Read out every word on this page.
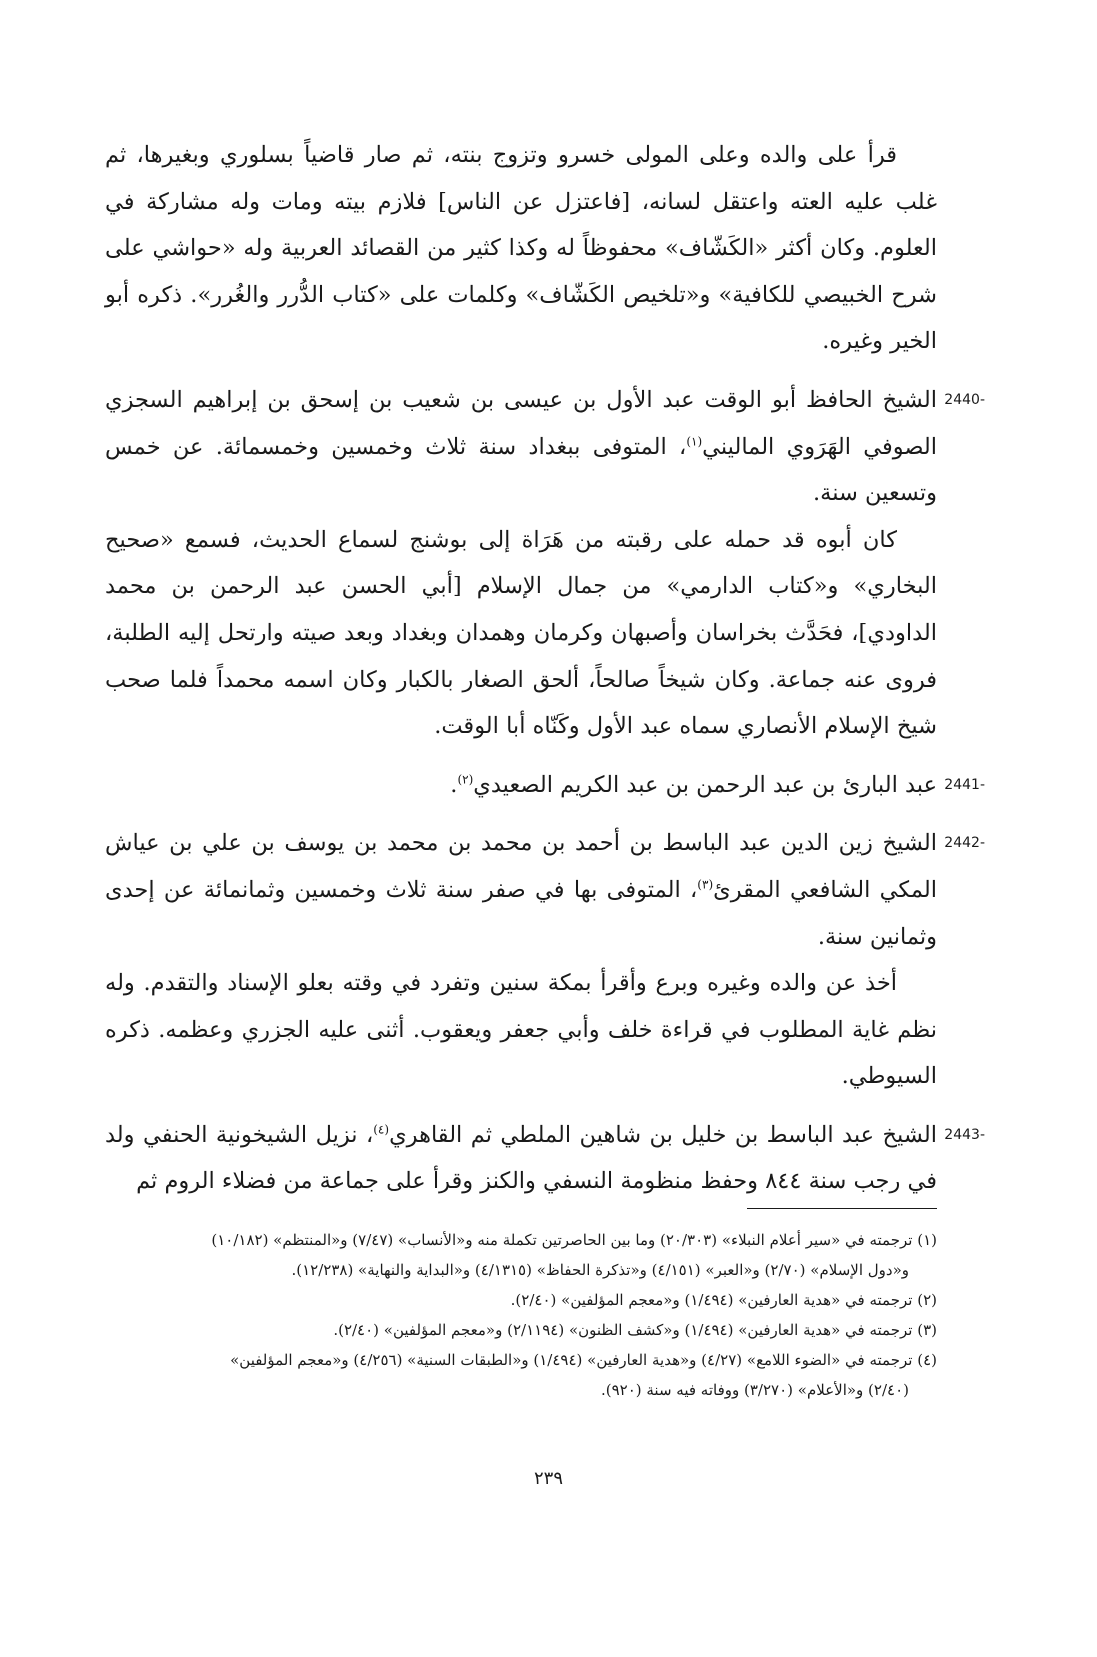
قرأ على والده وعلى المولى خسرو وتزوج بنته، ثم صار قاضياً بسلوري وبغيرها، ثم غلب عليه العته واعتقل لسانه، [فاعتزل عن الناس] فلازم بيته ومات وله مشاركة في العلوم. وكان أكثر «الكَشّاف» محفوظاً له وكذا كثير من القصائد العربية وله «حواشي على شرح الخبيصي للكافية» و«تلخيص الكَشّاف» وكلمات على «كتاب الدُّرر والغُرر». ذكره أبو الخير وغيره.

2440-
الشيخ الحافظ أبو الوقت عبد الأول بن عيسى بن شعيب بن إسحق بن إبراهيم السجزي الصوفي الهَرَوي الماليني$^{(١)}$، المتوفى ببغداد سنة ثلاث وخمسين وخمسمائة. عن خمس وتسعين سنة.

كان أبوه قد حمله على رقبته من هَرَاة إلى بوشنج لسماع الحديث، فسمع «صحيح البخاري» و«كتاب الدارمي» من جمال الإسلام [أبي الحسن عبد الرحمن بن محمد الداودي]، فحَدَّث بخراسان وأصبهان وكرمان وهمدان وبغداد وبعد صيته وارتحل إليه الطلبة، فروى عنه جماعة. وكان شيخاً صالحاً، ألحق الصغار بالكبار وكان اسمه محمداً فلما صحب شيخ الإسلام الأنصاري سماه عبد الأول وكَنّاه أبا الوقت.

2441-
عبد البارئ بن عبد الرحمن بن عبد الكريم الصعيدي$^{(٢)}$.
2442-
الشيخ زين الدين عبد الباسط بن أحمد بن محمد بن محمد بن يوسف بن علي بن عياش المكي الشافعي المقرئ$^{(٣)}$، المتوفى بها في صفر سنة ثلاث وخمسين وثمانمائة عن إحدى وثمانين سنة.

أخذ عن والده وغيره وبرع وأقرأ بمكة سنين وتفرد في وقته بعلو الإسناد والتقدم. وله نظم غاية المطلوب في قراءة خلف وأبي جعفر ويعقوب. أثنى عليه الجزري وعظمه. ذكره السيوطي.

2443-
الشيخ عبد الباسط بن خليل بن شاهين الملطي ثم القاهري$^{(٤)}$، نزيل الشيخونية الحنفي ولد في رجب سنة ٨٤٤ وحفظ منظومة النسفي والكنز وقرأ على جماعة من فضلاء الروم ثم

(١) ترجمته في «سير أعلام النبلاء» (٢٠/٣٠٣) وما بين الحاصرتين تكملة منه و«الأنساب» (٧/٤٧) و«المنتظم» (١٠/١٨٢)

و«دول الإسلام» (٢/٧٠) و«العبر» (٤/١٥١) و«تذكرة الحفاظ» (٤/١٣١٥) و«البداية والنهاية» (١٢/٢٣٨).

(٢) ترجمته في «هدية العارفين» (١/٤٩٤) و«معجم المؤلفين» (٢/٤٠).

(٣) ترجمته في «هدية العارفين» (١/٤٩٤) و«كشف الظنون» (٢/١١٩٤) و«معجم المؤلفين» (٢/٤٠).

(٤) ترجمته في «الضوء اللامع» (٤/٢٧) و«هدية العارفين» (١/٤٩٤) و«الطبقات السنية» (٤/٢٥٦) و«معجم المؤلفين»

(٢/٤٠) و«الأعلام» (٣/٢٧٠) ووفاته فيه سنة (٩٢٠).

٢٣٩
